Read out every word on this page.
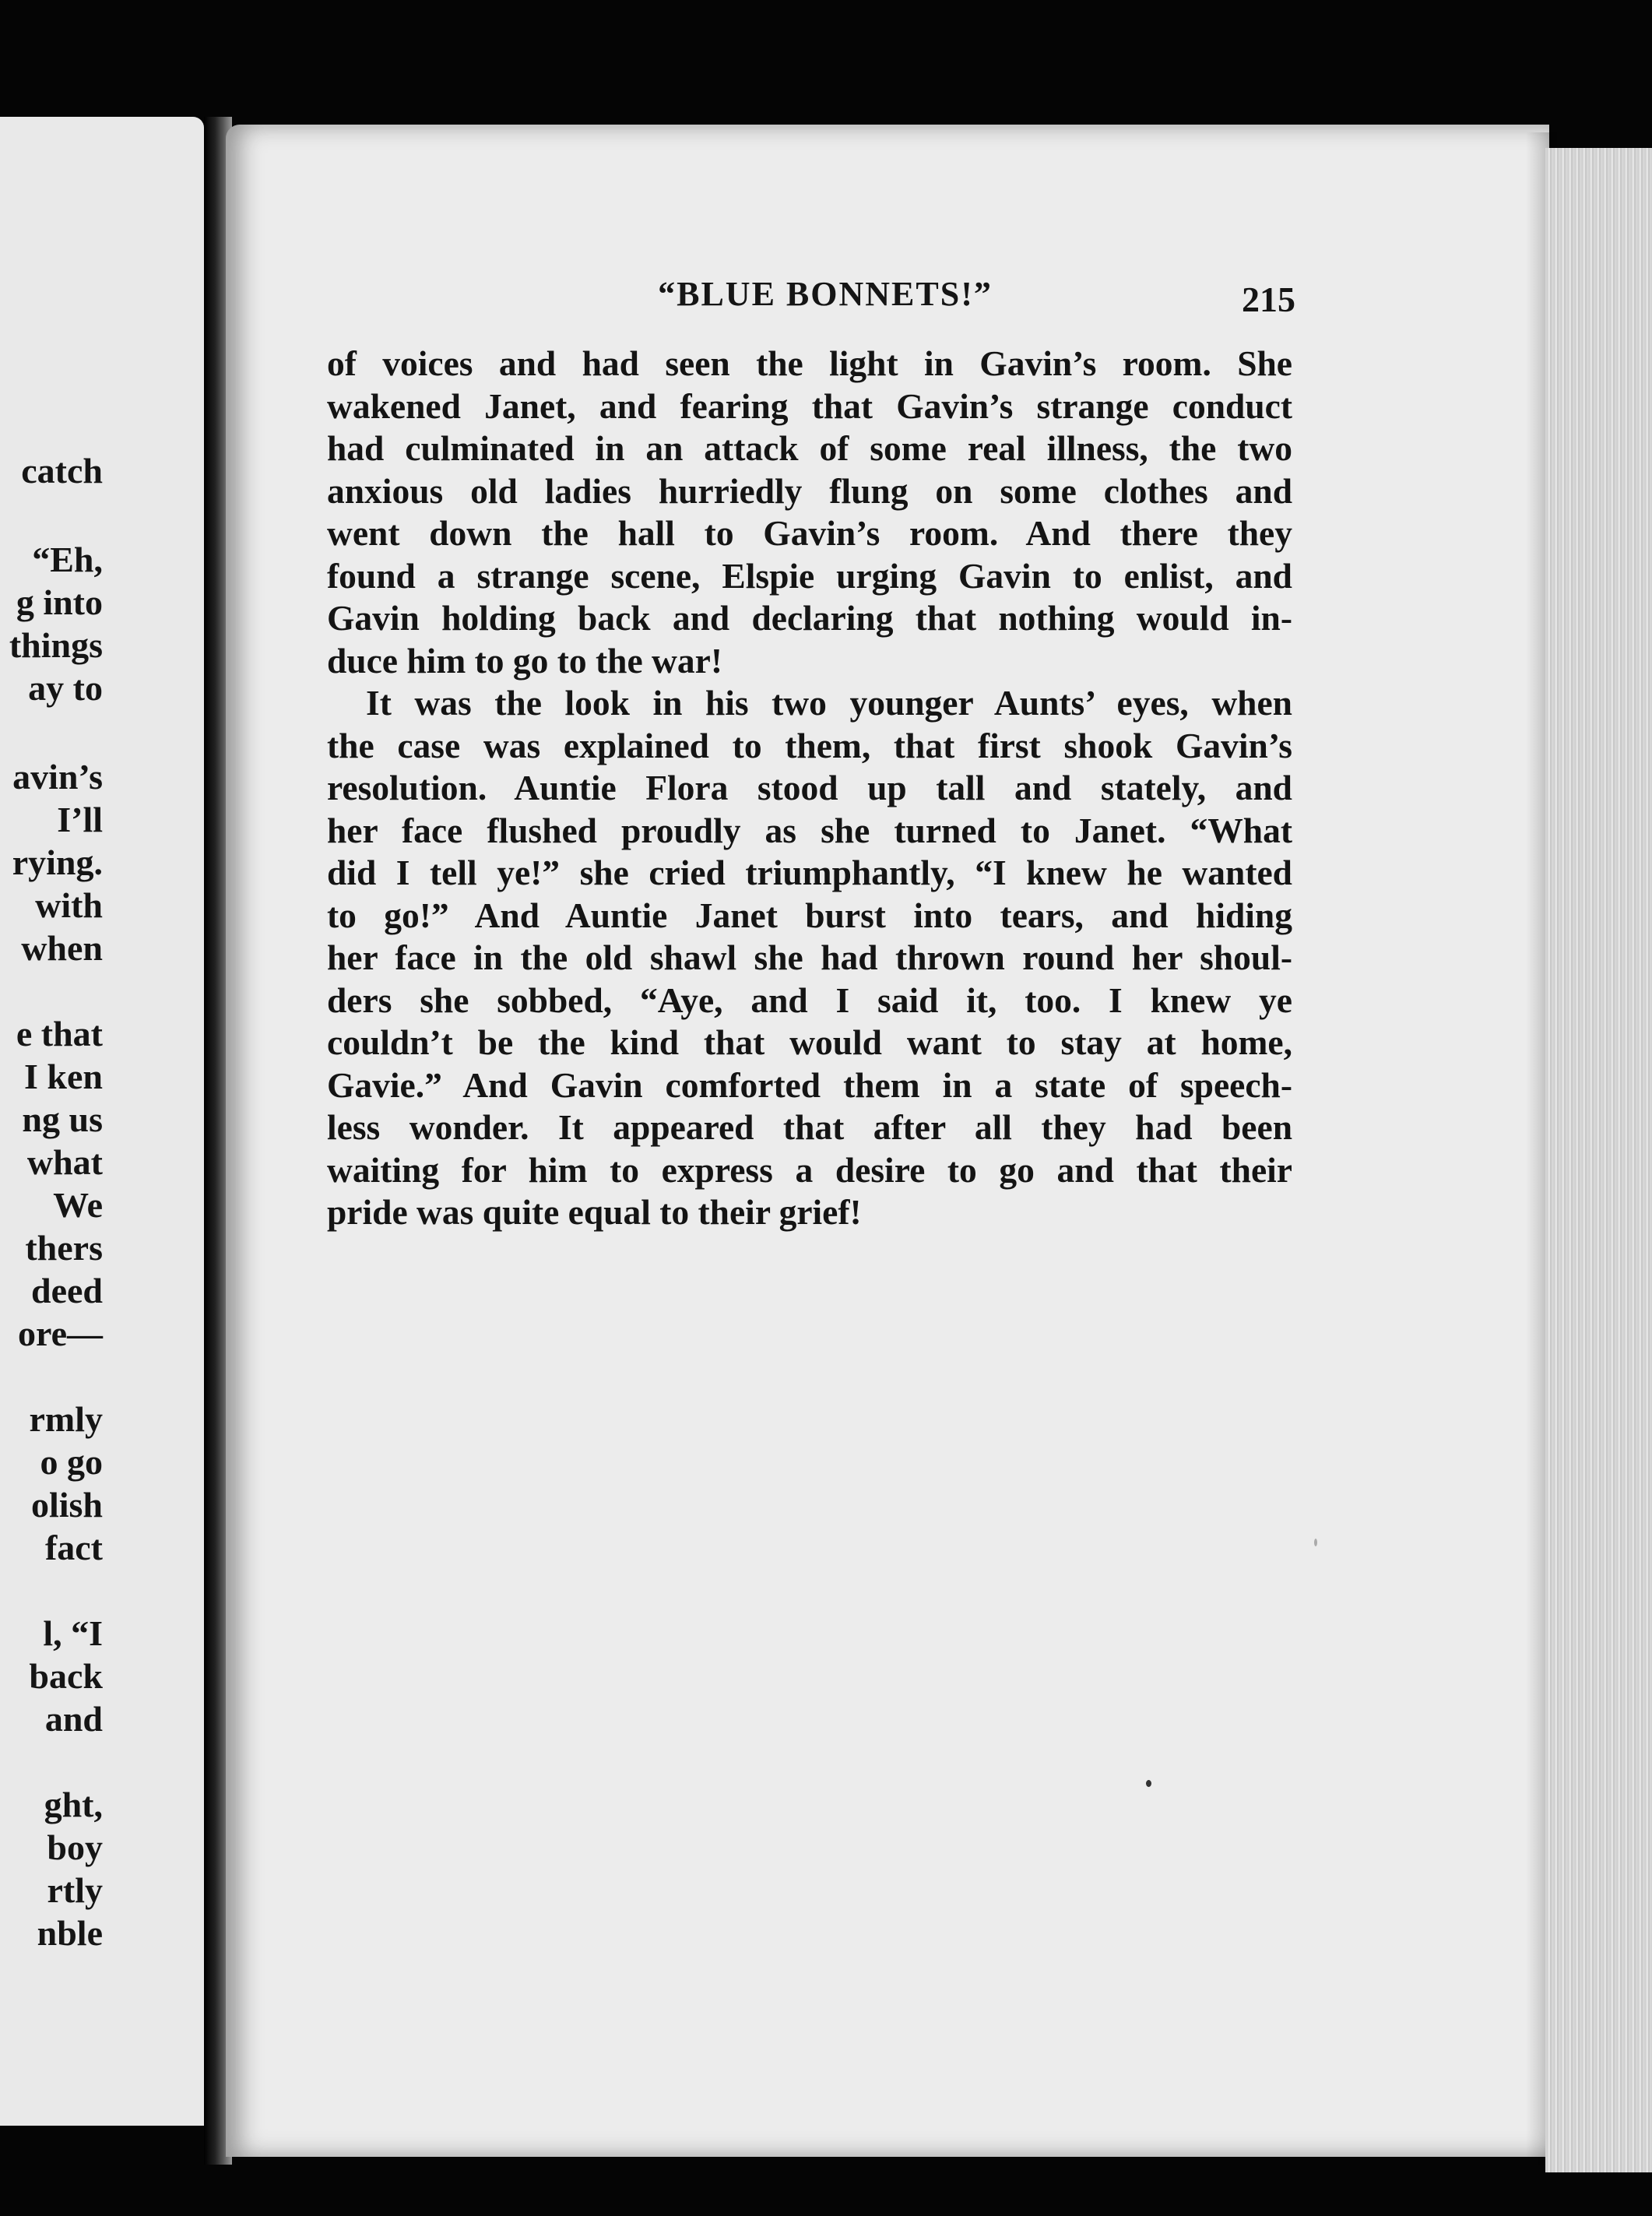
catch
“Eh,
g into
things
ay to
avin’s
I’ll
rying.
with
when
e that
I ken
ng us
what
We
thers
deed
ore—
rmly
o go
olish
fact
l, “I
back
and
ght,
boy
rtly
nble
“BLUE BONNETS!”	215
of voices and had seen the light in Gavin’s room. She
wakened Janet, and fearing that Gavin’s strange conduct
had culminated in an attack of some real illness, the two
anxious old ladies hurriedly flung on some clothes and
went down the hall to Gavin’s room. And there they
found a strange scene, Elspie urging Gavin to enlist, and
Gavin holding back and declaring that nothing would in-
duce him to go to the war!
It was the look in his two younger Aunts’ eyes, when
the case was explained to them, that first shook Gavin’s
resolution. Auntie Flora stood up tall and stately, and
her face flushed proudly as she turned to Janet. “What
did I tell ye!” she cried triumphantly, “I knew he wanted
to go!” And Auntie Janet burst into tears, and hiding
her face in the old shawl she had thrown round her shoul-
ders she sobbed, “Aye, and I said it, too. I knew ye
couldn’t be the kind that would want to stay at home,
Gavie.” And Gavin comforted them in a state of speech-
less wonder. It appeared that after all they had been
waiting for him to express a desire to go and that their
pride was quite equal to their grief!
